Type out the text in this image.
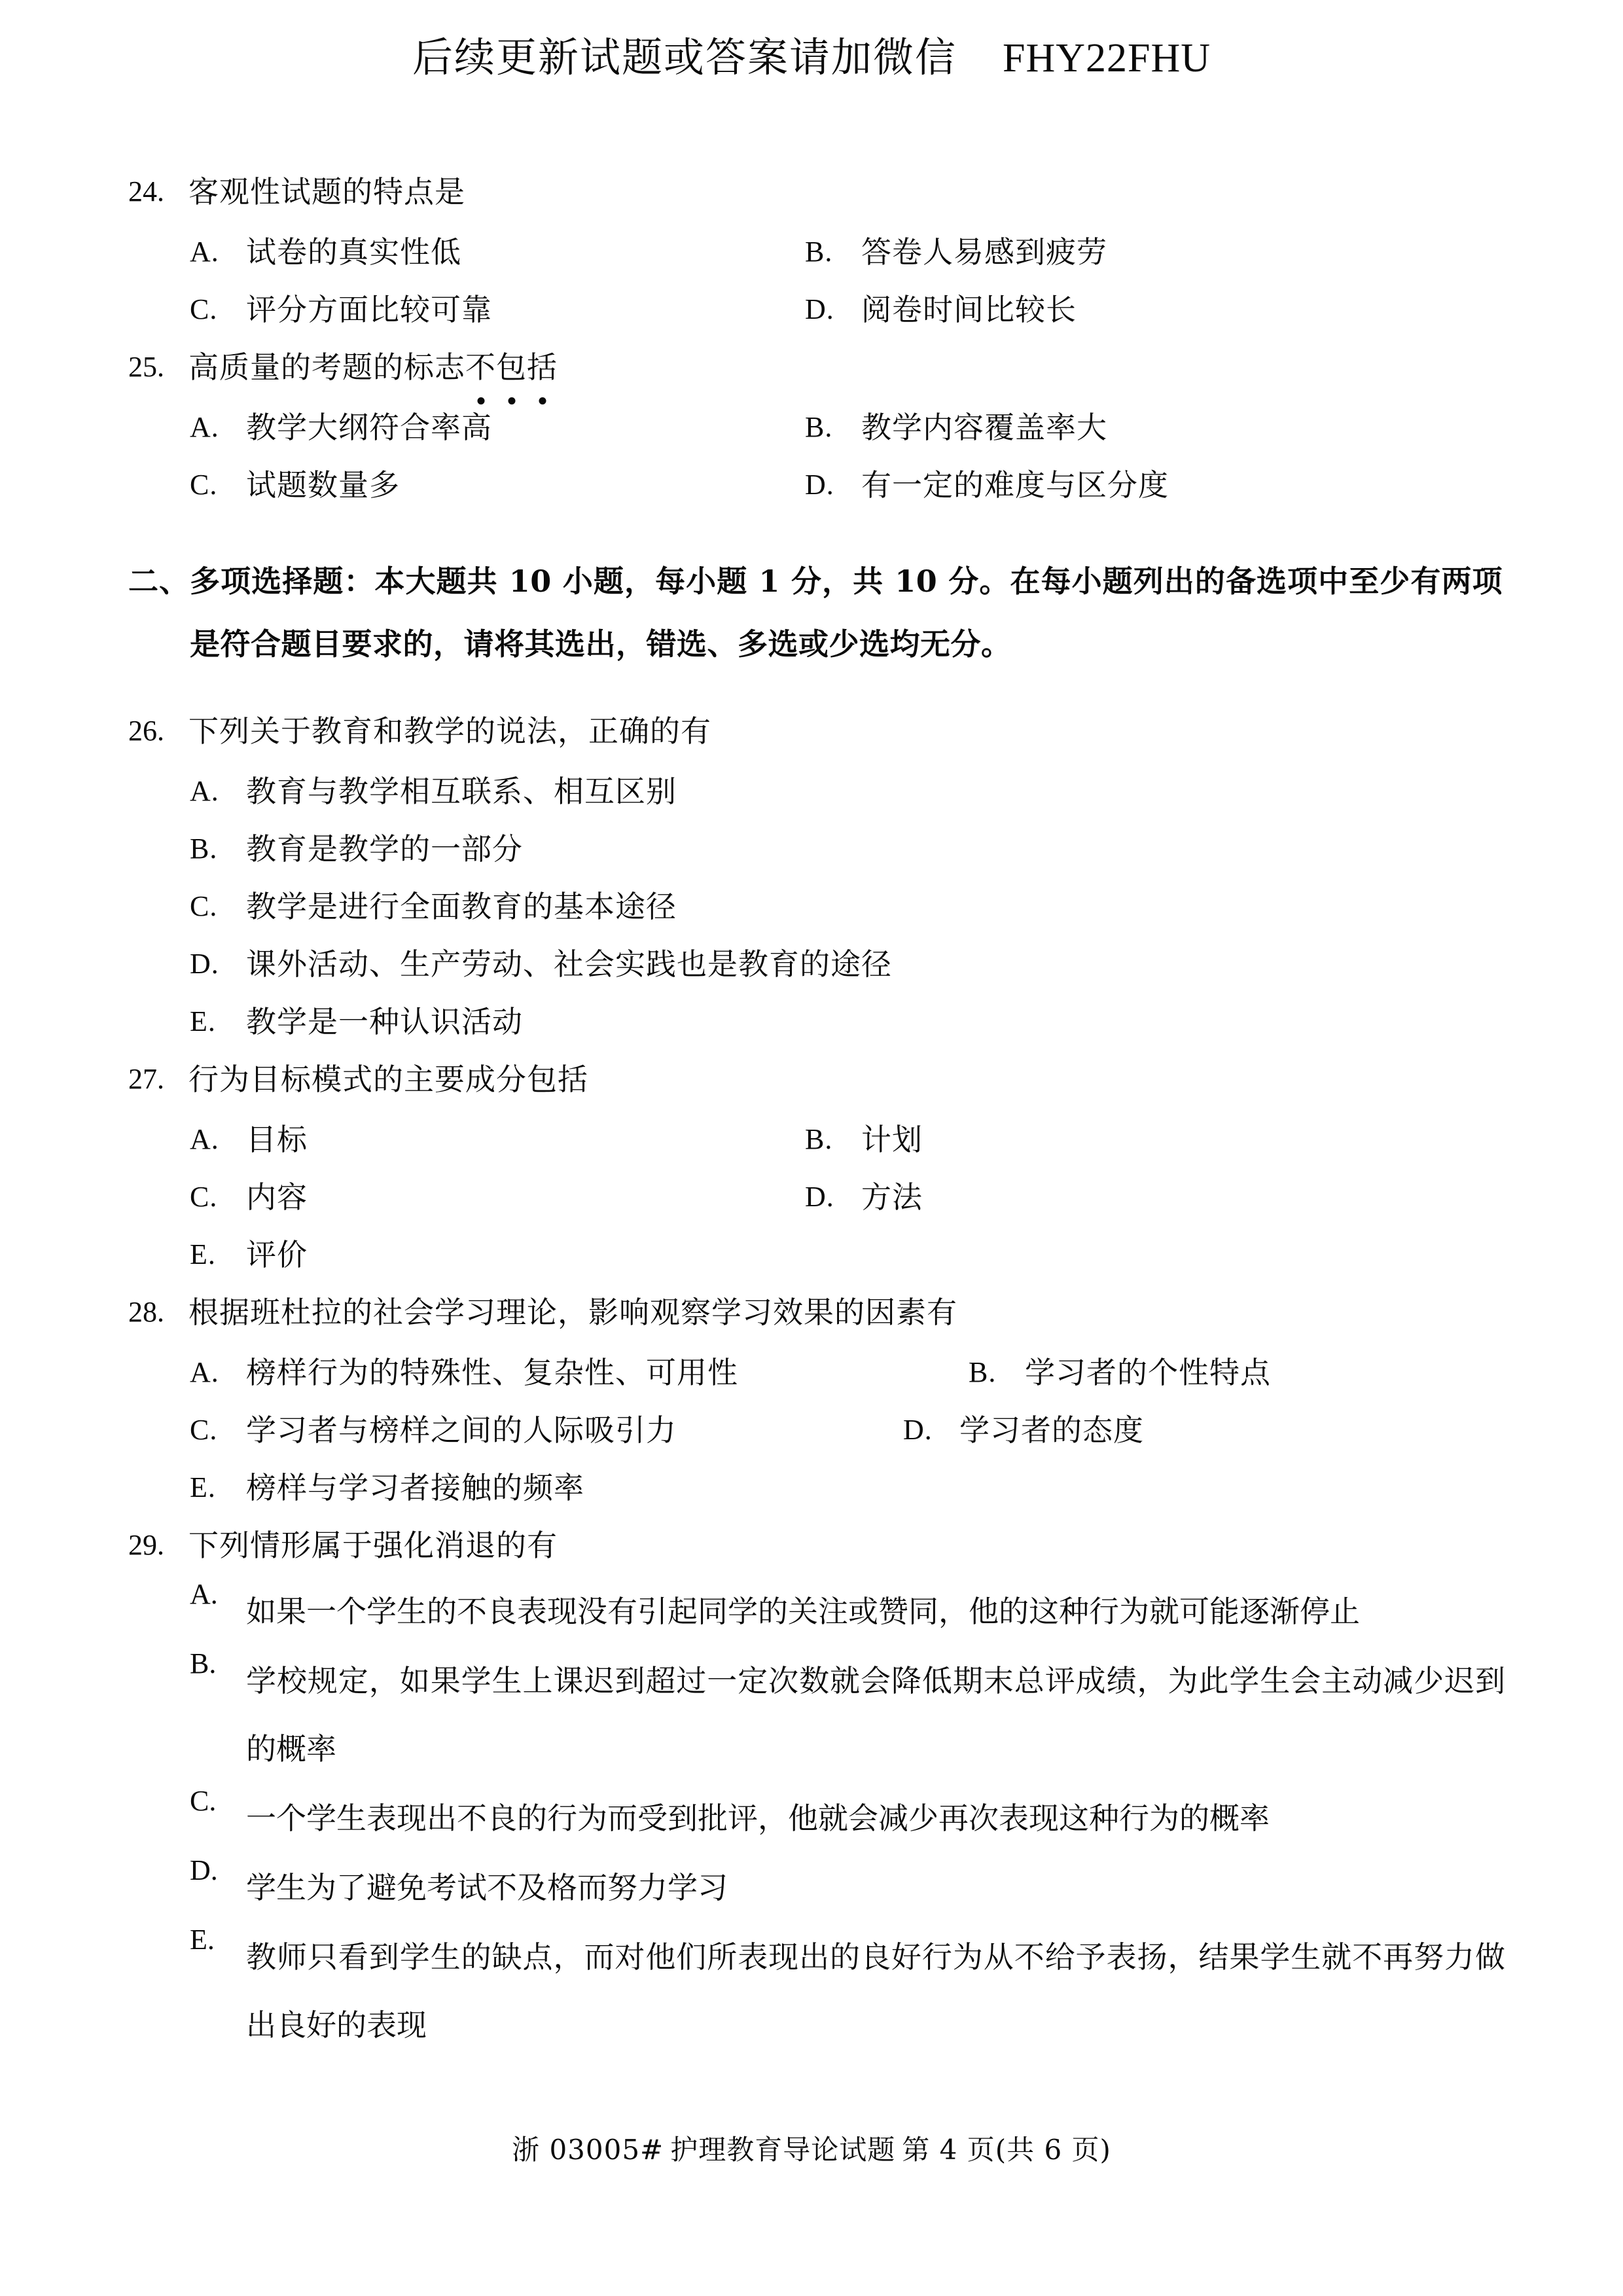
后续更新试题或答案请加微信 FHY22FHU
24. 客观性试题的特点是
A. 试卷的真实性低	B. 答卷人易感到疲劳
C. 评分方面比较可靠	D. 阅卷时间比较长
25. 高质量的考题的标志不包括
A. 教学大纲符合率高	B. 教学内容覆盖率大
C. 试题数量多	D. 有一定的难度与区分度
二、 多项选择题：本大题共 10 小题，每小题 1 分，共 10 分。在每小题列出的备选项中至少有两项是符合题目要求的，请将其选出，错选、多选或少选均无分。
26. 下列关于教育和教学的说法，正确的有
A. 教育与教学相互联系、相互区别
B. 教育是教学的一部分
C. 教学是进行全面教育的基本途径
D. 课外活动、生产劳动、社会实践也是教育的途径
E.	教学是一种认识活动
27. 行为目标模式的主要成分包括
A. 目标	B. 计划
C. 内容	D. 方法
E.	评价
28. 根据班杜拉的社会学习理论，影响观察学习效果的因素有
A. 榜样行为的特殊性、复杂性、可用性	B. 学习者的个性特点
C. 学习者与榜样之间的人际吸引力	D. 学习者的态度
E.	榜样与学习者接触的频率
29. 下列情形属于强化消退的有
A. 如果一个学生的不良表现没有引起同学的关注或赞同，他的这种行为就可能逐渐停止
B. 学校规定，如果学生上课迟到超过一定次数就会降低期末总评成绩，为此学生会主动减少迟到的概率
C. 一个学生表现出不良的行为而受到批评，他就会减少再次表现这种行为的概率
D. 学生为了避免考试不及格而努力学习
E.	教师只看到学生的缺点，而对他们所表现出的良好行为从不给予表扬，结果学生就不再努力做出良好的表现
浙 03005# 护理教育导论试题 第 4 页(共 6 页)
